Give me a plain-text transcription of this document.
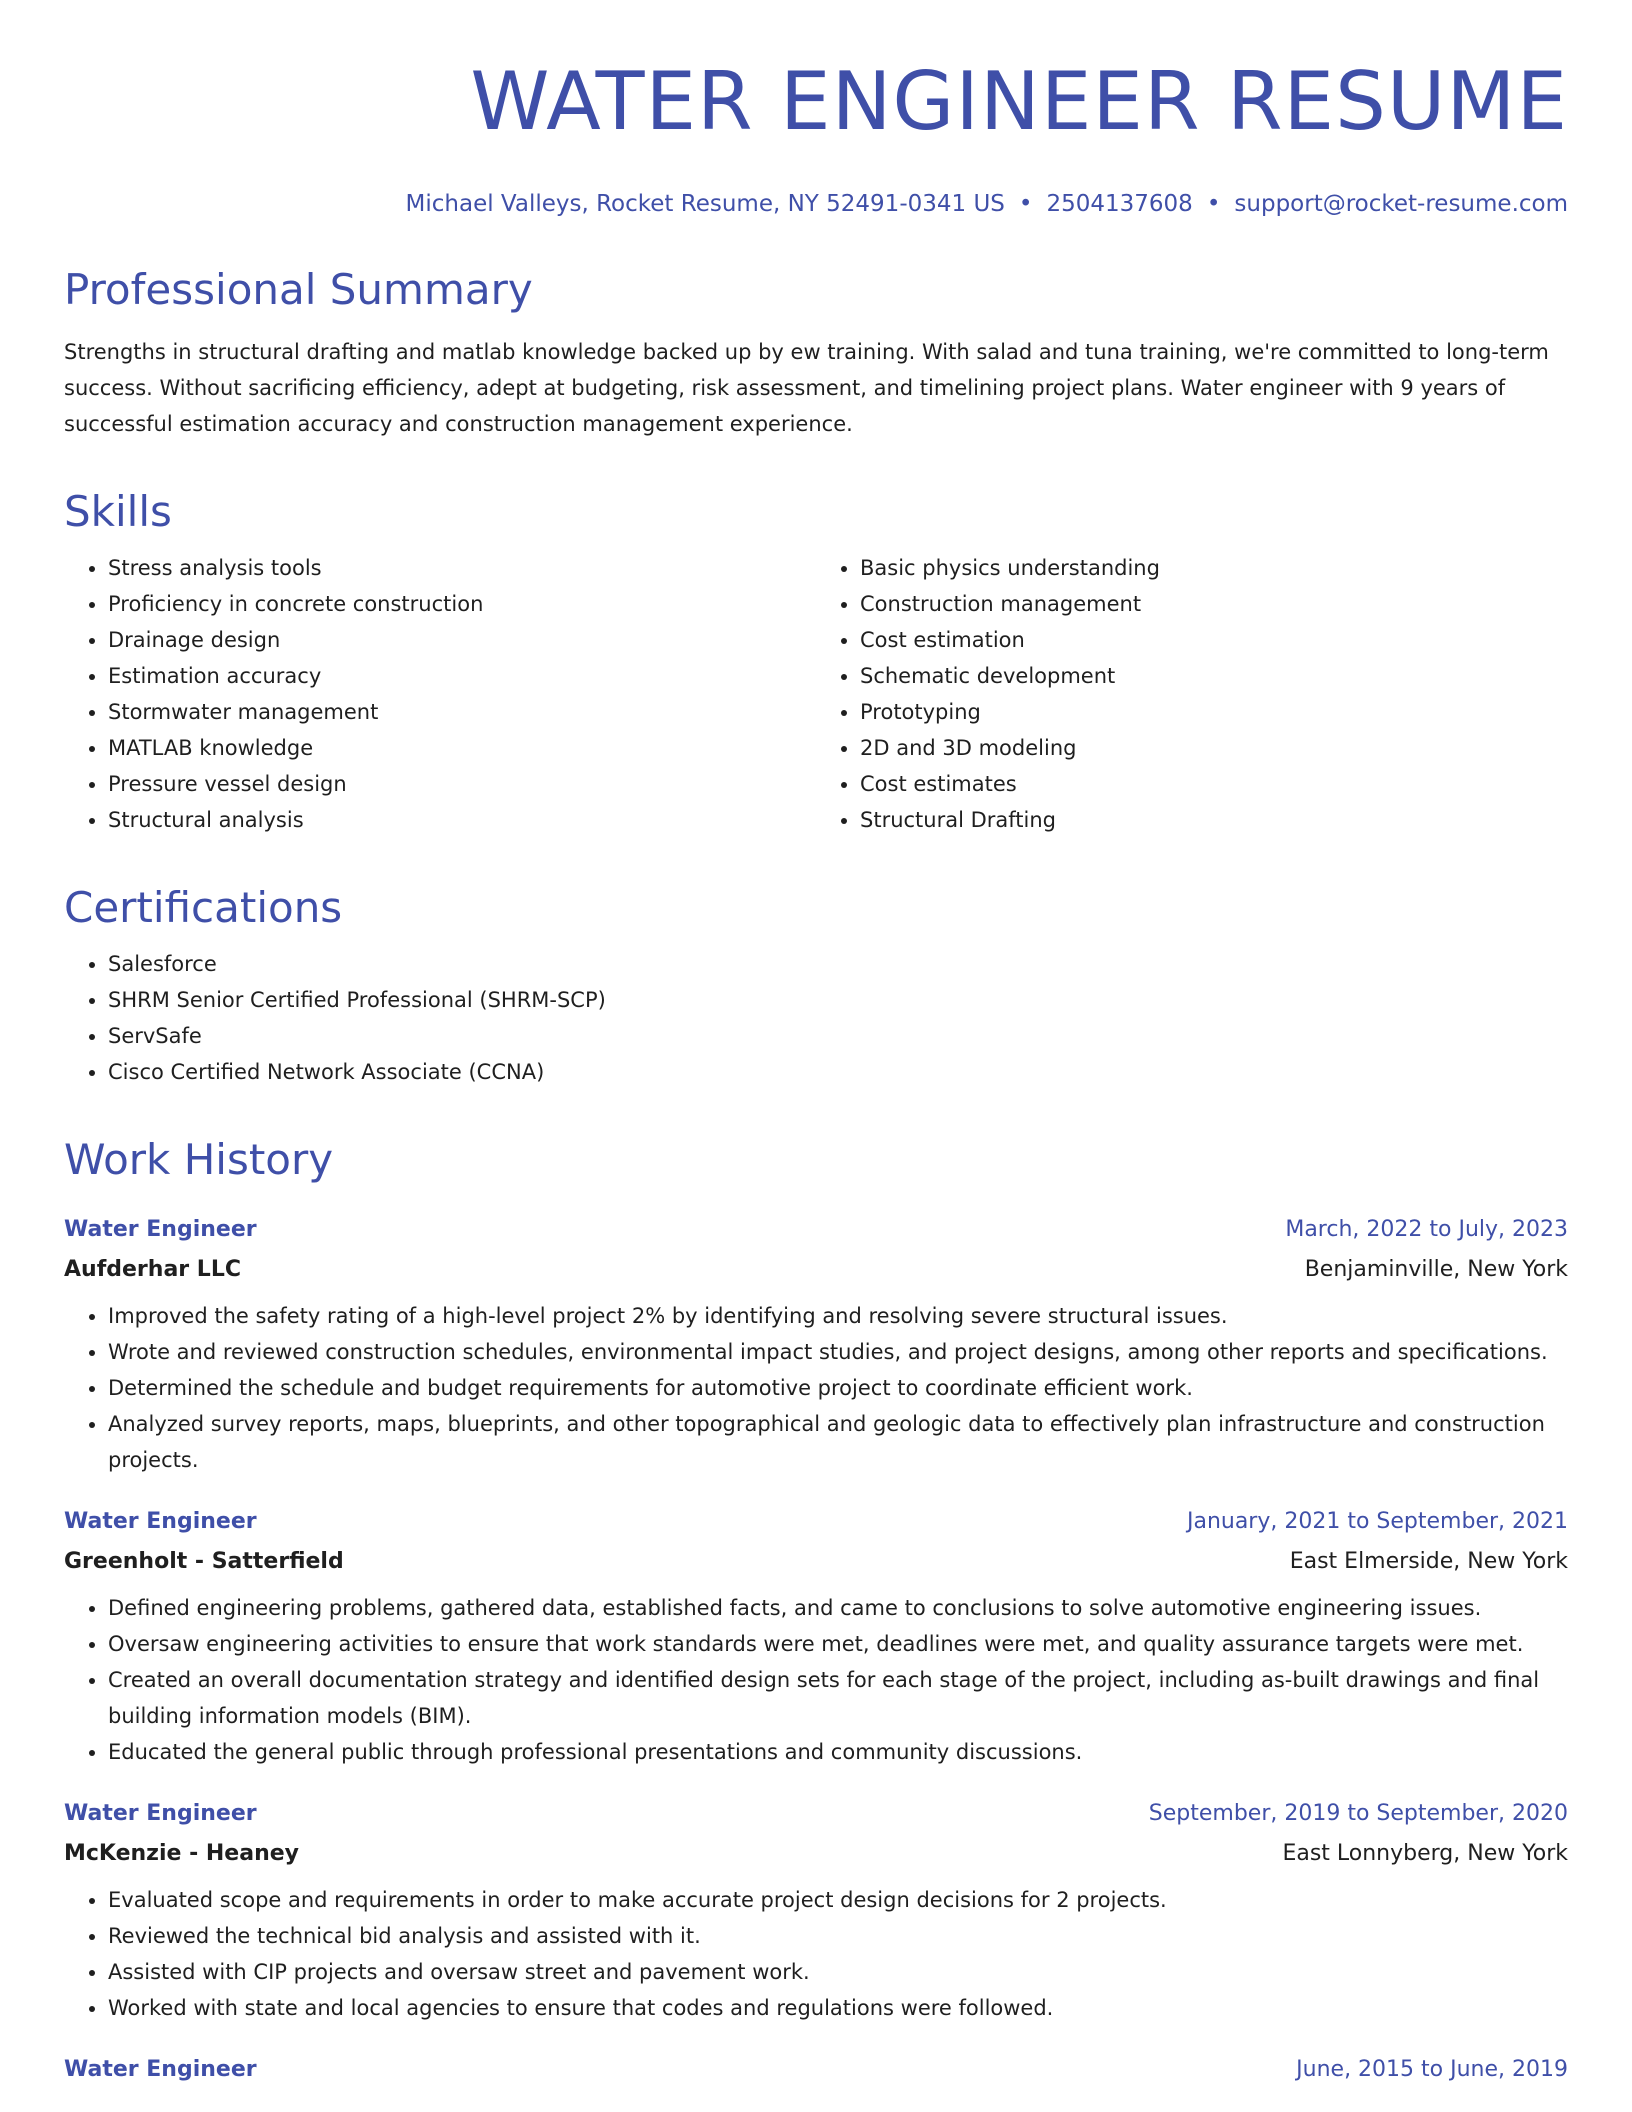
WATER ENGINEER RESUME
Michael Valleys, Rocket Resume, NY 52491-0341 US • 2504137608 • support@rocket-resume.com
Professional Summary
Strengths in structural drafting and matlab knowledge backed up by ew training. With salad and tuna training, we're committed to long-term success. Without sacrificing efficiency, adept at budgeting, risk assessment, and timelining project plans. Water engineer with 9 years of successful estimation accuracy and construction management experience.
Skills
• Stress analysis tools
• Proficiency in concrete construction
• Drainage design
• Estimation accuracy
• Stormwater management
• MATLAB knowledge
• Pressure vessel design
• Structural analysis
• Basic physics understanding
• Construction management
• Cost estimation
• Schematic development
• Prototyping
• 2D and 3D modeling
• Cost estimates
• Structural Drafting
Certifications
• Salesforce
• SHRM Senior Certified Professional (SHRM-SCP)
• ServSafe
• Cisco Certified Network Associate (CCNA)
Work History
Water Engineer	March, 2022 to July, 2023
Aufderhar LLC	Benjaminville, New York
• Improved the safety rating of a high-level project 2% by identifying and resolving severe structural issues.
• Wrote and reviewed construction schedules, environmental impact studies, and project designs, among other reports and specifications.
• Determined the schedule and budget requirements for automotive project to coordinate efficient work.
• Analyzed survey reports, maps, blueprints, and other topographical and geologic data to effectively plan infrastructure and construction projects.
Water Engineer	January, 2021 to September, 2021
Greenholt - Satterfield	East Elmerside, New York
• Defined engineering problems, gathered data, established facts, and came to conclusions to solve automotive engineering issues.
• Oversaw engineering activities to ensure that work standards were met, deadlines were met, and quality assurance targets were met.
• Created an overall documentation strategy and identified design sets for each stage of the project, including as-built drawings and final building information models (BIM).
• Educated the general public through professional presentations and community discussions.
Water Engineer	September, 2019 to September, 2020
McKenzie - Heaney	East Lonnyberg, New York
• Evaluated scope and requirements in order to make accurate project design decisions for 2 projects.
• Reviewed the technical bid analysis and assisted with it.
• Assisted with CIP projects and oversaw street and pavement work.
• Worked with state and local agencies to ensure that codes and regulations were followed.
Water Engineer	June, 2015 to June, 2019
